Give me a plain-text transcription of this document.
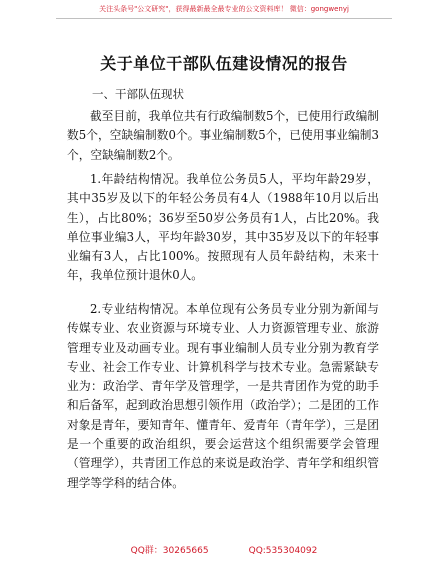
关注头条号"公文研究"，获得最新最全最专业的公文资料库！ 微信：gongwenyj
关于单位干部队伍建设情况的报告
一、干部队伍现状

截至目前，我单位共有行政编制数5个，已使用行政编制数5个，空缺编制数0个。事业编制数5个，已使用事业编制3个，空缺编制数2个。

1.年龄结构情况。我单位公务员5人，平均年龄29岁，其中35岁及以下的年轻公务员有4人（1988年10月以后出生），占比80%；36岁至50岁公务员有1人，占比20%。我单位事业编3人，平均年龄30岁，其中35岁及以下的年轻事业编有3人，占比100%。按照现有人员年龄结构，未来十年，我单位预计退休0人。

2.专业结构情况。本单位现有公务员专业分别为新闻与传媒专业、农业资源与环境专业、人力资源管理专业、旅游管理专业及动画专业。现有事业编制人员专业分别为教育学专业、社会工作专业、计算机科学与技术专业。急需紧缺专业为：政治学、青年学及管理学，一是共青团作为党的助手和后备军，起到政治思想引领作用（政治学）；二是团的工作对象是青年，要知青年、懂青年、爱青年（青年学），三是团是一个重要的政治组织，要会运营这个组织需要学会管理（管理学），共青团工作总的来说是政治学、青年学和组织管理学等学科的结合体。

QQ群：30265665	QQ:535304092
